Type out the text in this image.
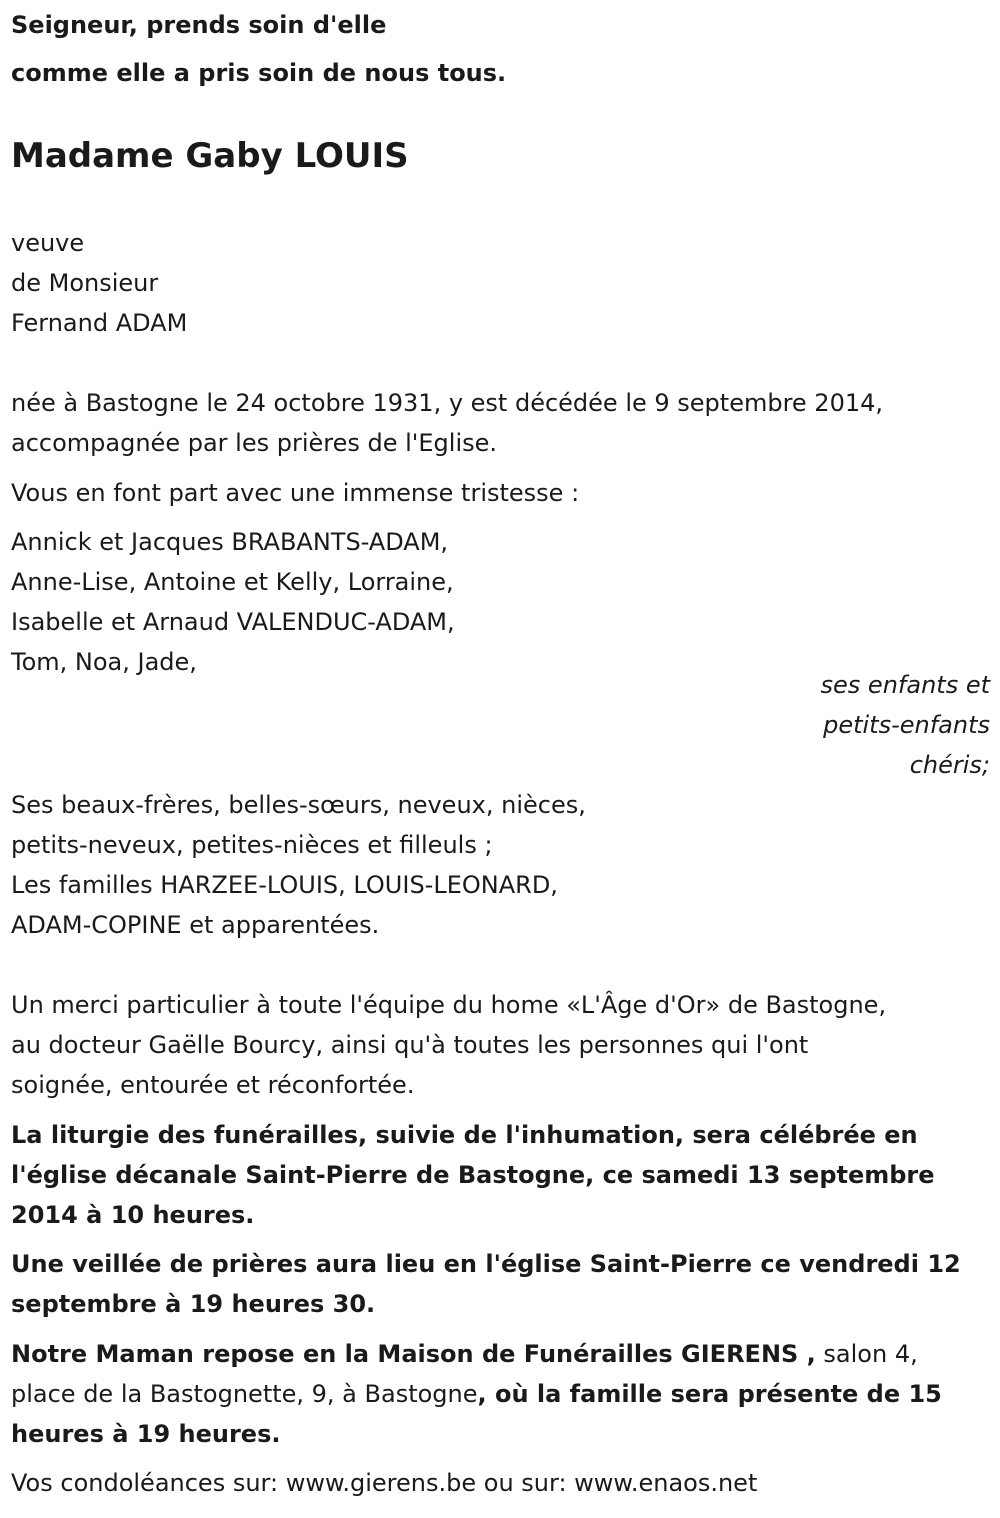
Seigneur, prends soin d'elle
comme elle a pris soin de nous tous.
Madame Gaby LOUIS
veuve
de Monsieur
Fernand ADAM
née à Bastogne le 24 octobre 1931, y est décédée le 9 septembre 2014,
accompagnée par les prières de l'Eglise.
Vous en font part avec une immense tristesse :
Annick et Jacques BRABANTS-ADAM,
Anne-Lise, Antoine et Kelly, Lorraine,
Isabelle et Arnaud VALENDUC-ADAM,
Tom, Noa, Jade,
ses enfants et
petits-enfants
chéris;
Ses beaux-frères, belles-sœurs, neveux, nièces,
petits-neveux, petites-nièces et filleuls ;
Les familles HARZEE-LOUIS, LOUIS-LEONARD,
ADAM-COPINE et apparentées.
Un merci particulier à toute l'équipe du home «L'Âge d'Or» de Bastogne,
au docteur Gaëlle Bourcy, ainsi qu'à toutes les personnes qui l'ont
soignée, entourée et réconfortée.
La liturgie des funérailles, suivie de l'inhumation, sera célébrée en
l'église décanale Saint-Pierre de Bastogne, ce samedi 13 septembre
2014 à 10 heures.
Une veillée de prières aura lieu en l'église Saint-Pierre ce vendredi 12
septembre à 19 heures 30.
Notre Maman repose en la Maison de Funérailles GIERENS , salon 4,
place de la Bastognette, 9, à Bastogne, où la famille sera présente de 15
heures à 19 heures.
Vos condoléances sur: www.gierens.be ou sur: www.enaos.net
